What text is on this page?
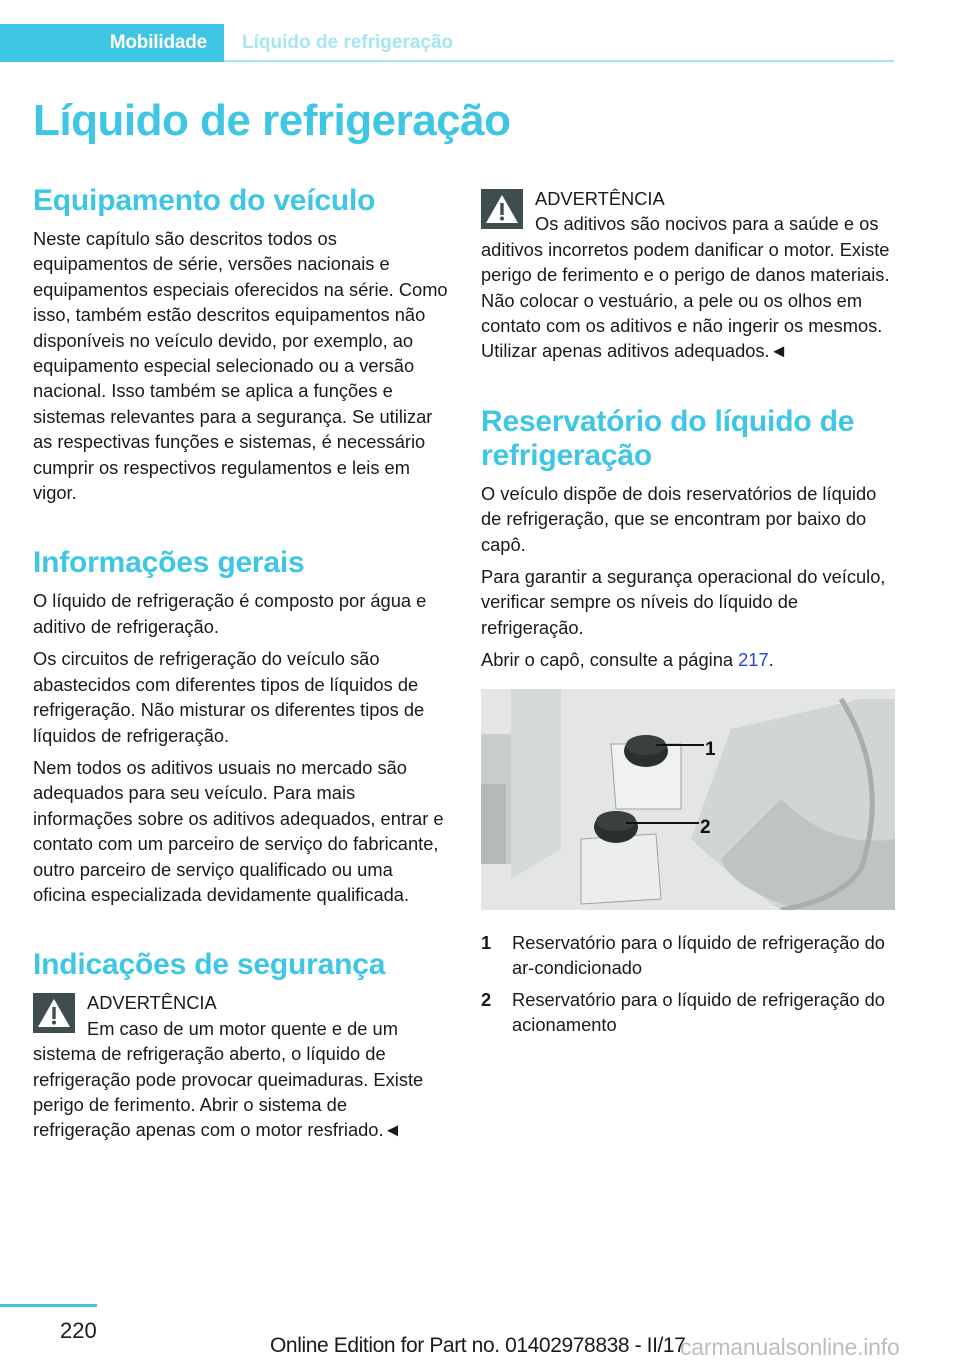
Mobilidade Líquido de refrigeração
Líquido de refrigeração
Equipamento do veículo

Neste capítulo são descritos todos os equipamentos de série, versões nacionais e equipamentos especiais oferecidos na série. Como isso, também estão descritos equipamentos não disponíveis no veículo devido, por exemplo, ao equipamento especial selecionado ou a versão nacional. Isso também se aplica a funções e sistemas relevantes para a segurança. Se utilizar as respectivas funções e sistemas, é necessário cumprir os respectivos regulamentos e leis em vigor.

Informações gerais

O líquido de refrigeração é composto por água e aditivo de refrigeração.

Os circuitos de refrigeração do veículo são abastecidos com diferentes tipos de líquidos de refrigeração. Não misturar os diferentes tipos de líquidos de refrigeração.

Nem todos os aditivos usuais no mercado são adequados para seu veículo. Para mais informações sobre os aditivos adequados, entrar e contato com um parceiro de serviço do fabricante, outro parceiro de serviço qualificado ou uma oficina especializada devidamente qualificada.

Indicações de segurança
ADVERTÊNCIA

Em caso de um motor quente e de um sistema de refrigeração aberto, o líquido de refrigeração pode provocar queimaduras. Existe perigo de ferimento. Abrir o sistema de refrigeração apenas com o motor resfriado.◄

ADVERTÊNCIA

Os aditivos são nocivos para a saúde e os aditivos incorretos podem danificar o motor. Existe perigo de ferimento e o perigo de danos materiais. Não colocar o vestuário, a pele ou os olhos em contato com os aditivos e não ingerir os mesmos. Utilizar apenas aditivos adequados.◄

Reservatório do líquido de refrigeração

O veículo dispõe de dois reservatórios de líquido de refrigeração, que se encontram por baixo do capô.

Para garantir a segurança operacional do veículo, verificar sempre os níveis do líquido de refrigeração.

Abrir o capô, consulte a página 217.

1
2
1	Reservatório para o líquido de refrigeração do ar-condicionado
2	Reservatório para o líquido de refrigeração do acionamento
220
Online Edition for Part no. 01402978838 - II/17
carmanualsonline.info
